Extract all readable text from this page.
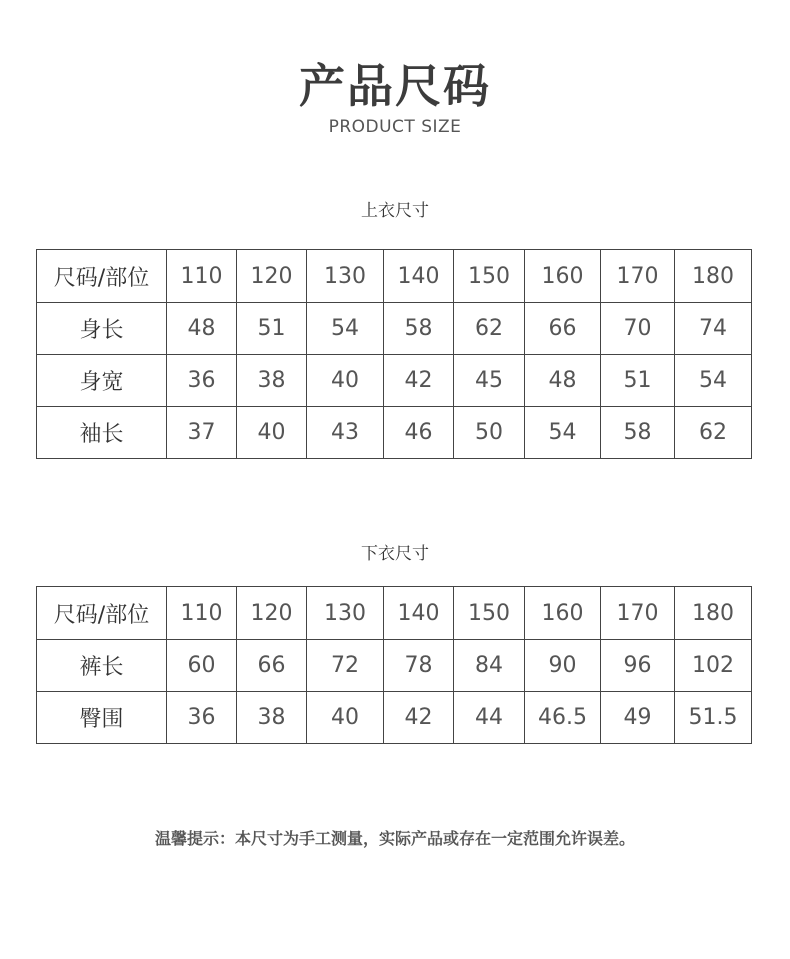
产品尺码
PRODUCT SIZE
上衣尺寸
尺码/部位	110	120	130	140	150	160	170	180
身长	48	51	54	58	62	66	70	74
身宽	36	38	40	42	45	48	51	54
袖长	37	40	43	46	50	54	58	62
下衣尺寸
尺码/部位	110	120	130	140	150	160	170	180
裤长	60	66	72	78	84	90	96	102
臀围	36	38	40	42	44	46.5	49	51.5
温馨提示：本尺寸为手工测量，实际产品或存在一定范围允许误差。
